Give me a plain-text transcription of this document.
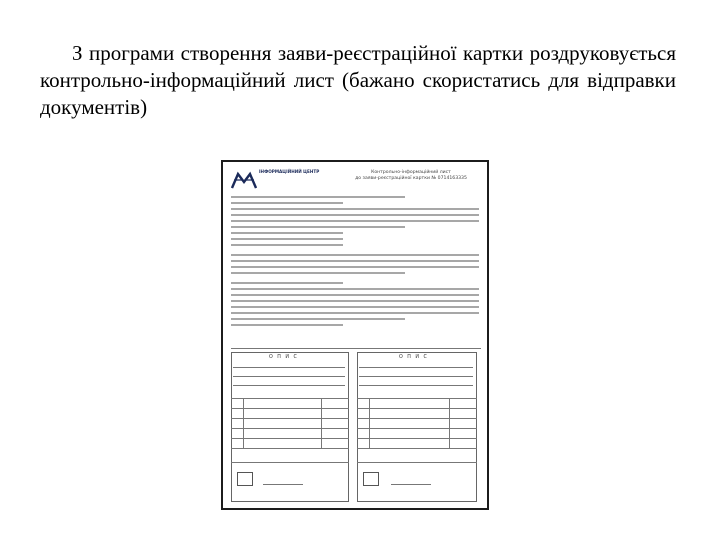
З програми створення заяви-реєстраційної картки роздруковується контрольно-інформаційний лист (бажано скористатись для відправки документів)

ІНФОРМАЦІЙНИЙ ЦЕНТР	Контрольно-інформаційний лист
до заяви-реєстраційної картки № 0714163335
О П И С	О П И С
